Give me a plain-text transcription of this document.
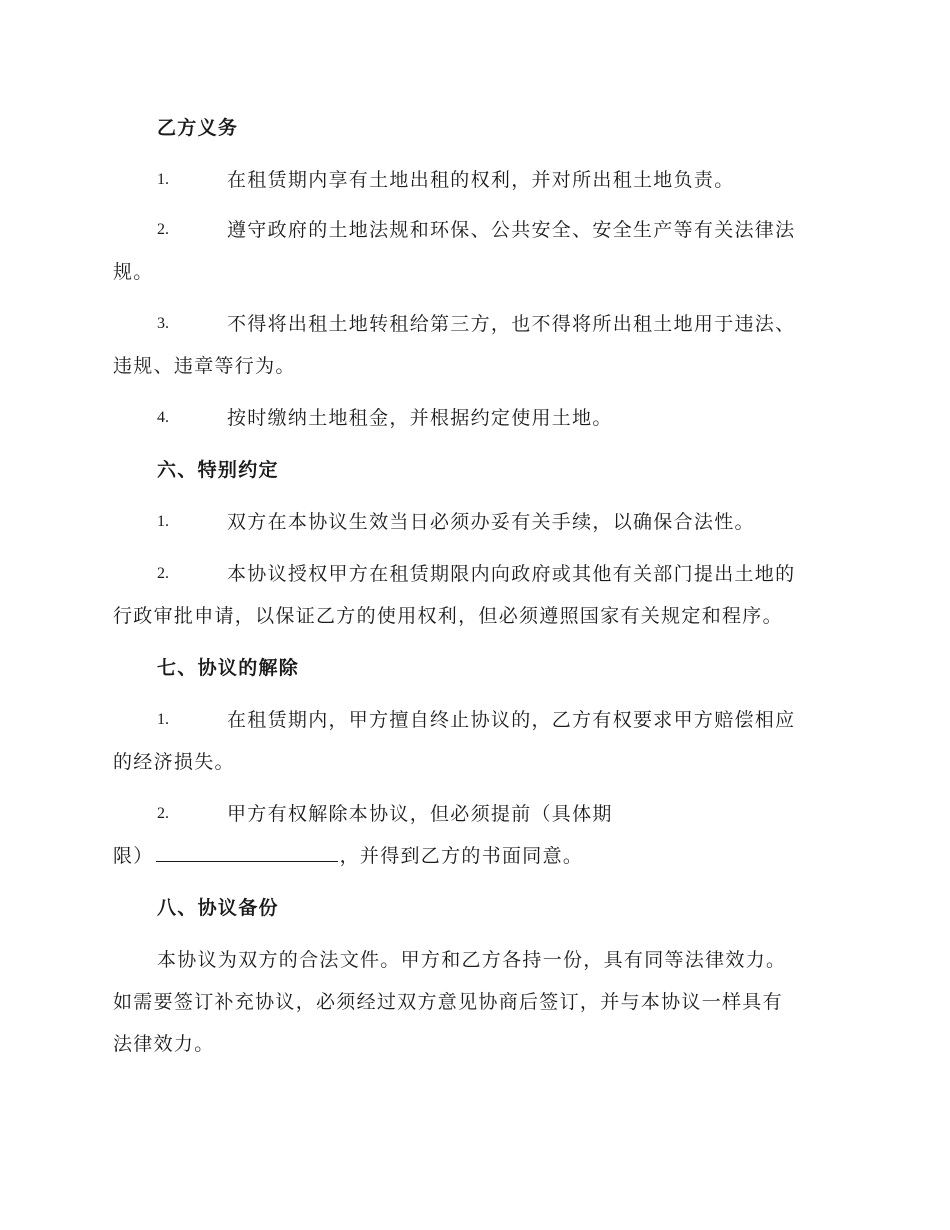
乙方义务
1.	在租赁期内享有土地出租的权利，并对所出租土地负责。
2.	遵守政府的土地法规和环保、公共安全、安全生产等有关法律法
规。
3.	不得将出租土地转租给第三方，也不得将所出租土地用于违法、
违规、违章等行为。
4.	按时缴纳土地租金，并根据约定使用土地。
六、特别约定
1.	双方在本协议生效当日必须办妥有关手续，以确保合法性。
2.	本协议授权甲方在租赁期限内向政府或其他有关部门提出土地的
行政审批申请，以保证乙方的使用权利，但必须遵照国家有关规定和程序。
七、协议的解除
1.	在租赁期内，甲方擅自终止协议的，乙方有权要求甲方赔偿相应
的经济损失。
2.	甲方有权解除本协议，但必须提前（具体期
限）	，并得到乙方的书面同意。
八、协议备份
本协议为双方的合法文件。甲方和乙方各持一份，具有同等法律效力。
如需要签订补充协议，必须经过双方意见协商后签订，并与本协议一样具有
法律效力。
